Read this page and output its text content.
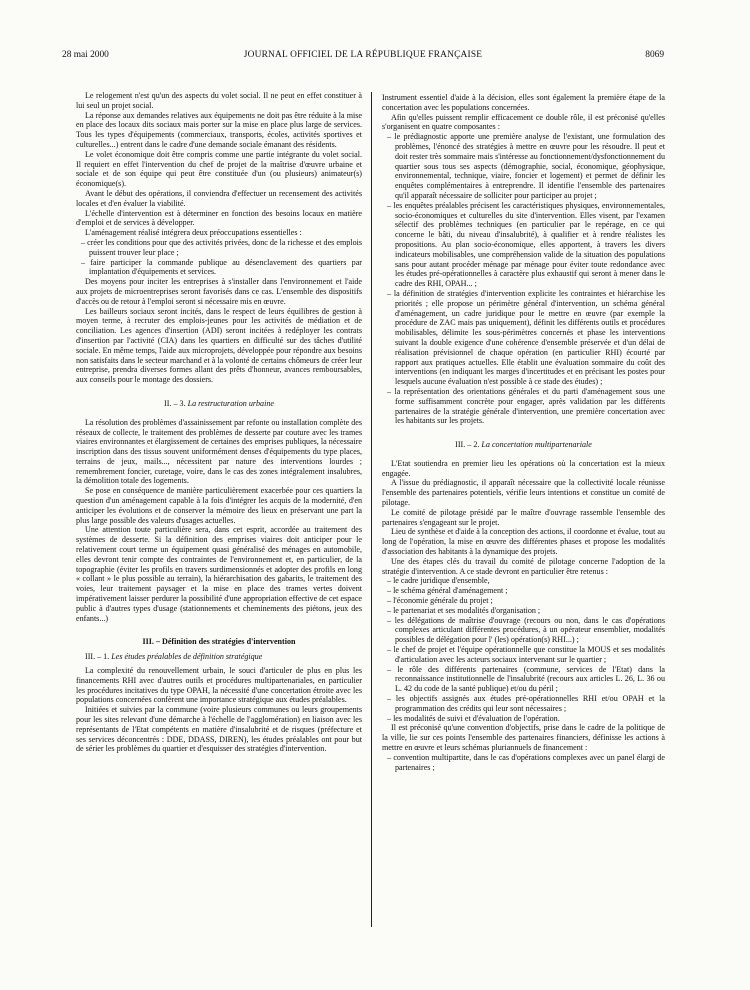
28 mai 2000	JOURNAL OFFICIEL DE LA RÉPUBLIQUE FRANÇAISE	8069

Le relogement n'est qu'un des aspects du volet social. Il ne peut en effet constituer à lui seul un projet social.

La réponse aux demandes relatives aux équipements ne doit pas être réduite à la mise en place des locaux dits sociaux mais porter sur la mise en place plus large de services. Tous les types d'équipements (commerciaux, transports, écoles, activités sportives et culturelles...) entrent dans le cadre d'une demande sociale émanant des résidents.

Le volet économique doit être compris comme une partie intégrante du volet social. Il requiert en effet l'intervention du chef de projet de la maîtrise d'œuvre urbaine et sociale et de son équipe qui peut être constituée d'un (ou plusieurs) animateur(s) économique(s).

Avant le début des opérations, il conviendra d'effectuer un recensement des activités locales et d'en évaluer la viabilité.

L'échelle d'intervention est à déterminer en fonction des besoins locaux en matière d'emploi et de services à développer.

L'aménagement réalisé intégrera deux préoccupations essentielles :

– créer les conditions pour que des activités privées, donc de la richesse et des emplois puissent trouver leur place ;
– faire participer la commande publique au désenclavement des quartiers par implantation d'équipements et services.

Des moyens pour inciter les entreprises à s'installer dans l'environnement et l'aide aux projets de microentreprises seront favorisés dans ce cas. L'ensemble des dispositifs d'accès ou de retour à l'emploi seront si nécessaire mis en œuvre.

Les bailleurs sociaux seront incités, dans le respect de leurs équilibres de gestion à moyen terme, à recruter des emplois-jeunes pour les activités de médiation et de conciliation. Les agences d'insertion (ADI) seront incitées à redéployer les contrats d'insertion par l'activité (CIA) dans les quartiers en difficulté sur des tâches d'utilité sociale. En même temps, l'aide aux microprojets, développée pour répondre aux besoins non satisfaits dans le secteur marchand et à la volonté de certains chômeurs de créer leur entreprise, prendra diverses formes allant des prêts d'honneur, avances remboursables, aux conseils pour le montage des dossiers.

II. – 3. La restructuration urbaine

La résolution des problèmes d'assainissement par refonte ou installation complète des réseaux de collecte, le traitement des problèmes de desserte par couture avec les trames viaires environnantes et élargissement de certaines des emprises publiques, la nécessaire inscription dans des tissus souvent uniformément denses d'équipements du type places, terrains de jeux, mails..., nécessitent par nature des interventions lourdes ; remembrement foncier, curetage, voire, dans le cas des zones intégralement insalubres, la démolition totale des logements.

Se pose en conséquence de manière particulièrement exacerbée pour ces quartiers la question d'un aménagement capable à la fois d'intégrer les acquis de la modernité, d'en anticiper les évolutions et de conserver la mémoire des lieux en préservant une part la plus large possible des valeurs d'usages actuelles.

Une attention toute particulière sera, dans cet esprit, accordée au traitement des systèmes de desserte. Si la définition des emprises viaires doit anticiper pour le relativement court terme un équipement quasi généralisé des ménages en automobile, elles devront tenir compte des contraintes de l'environnement et, en particulier, de la topographie (éviter les profils en travers surdimensionnés et adopter des profils en long « collant » le plus possible au terrain), la hiérarchisation des gabarits, le traitement des voies, leur traitement paysager et la mise en place des trames vertes doivent impérativement laisser perdurer la possibilité d'une appropriation effective de cet espace public à d'autres types d'usage (stationnements et cheminements des piétons, jeux des enfants...)

III. – Définition des stratégies d'intervention

III. – 1. Les études préalables de définition stratégique

La complexité du renouvellement urbain, le souci d'articuler de plus en plus les financements RHI avec d'autres outils et procédures multipartenariales, en particulier les procédures incitatives du type OPAH, la nécessité d'une concertation étroite avec les populations concernées confèrent une importance stratégique aux études préalables.

Initiées et suivies par la commune (voire plusieurs communes ou leurs groupements pour les sites relevant d'une démarche à l'échelle de l'agglomération) en liaison avec les représentants de l'Etat compétents en matière d'insalubrité et de risques (préfecture et ses services déconcentrés : DDE, DDASS, DIREN), les études préalables ont pour but de sérier les problèmes du quartier et d'esquisser des stratégies d'intervention.

Instrument essentiel d'aide à la décision, elles sont également la première étape de la concertation avec les populations concernées.

Afin qu'elles puissent remplir efficacement ce double rôle, il est préconisé qu'elles s'organisent en quatre composantes :

– le prédiagnostic apporte une première analyse de l'existant, une formulation des problèmes, l'énoncé des stratégies à mettre en œuvre pour les résoudre. Il peut et doit rester très sommaire mais s'intéresse au fonctionnement/dysfonctionnement du quartier sous tous ses aspects (démographie, social, économique, géophysique, environnemental, technique, viaire, foncier et logement) et permet de définir les enquêtes complémentaires à entreprendre. Il identifie l'ensemble des partenaires qu'il apparaît nécessaire de solliciter pour participer au projet ;
– les enquêtes préalables précisent les caractéristiques physiques, environnementales, socio-économiques et culturelles du site d'intervention. Elles visent, par l'examen sélectif des problèmes techniques (en particulier par le repérage, en ce qui concerne le bâti, du niveau d'insalubrité), à qualifier et à rendre réalistes les propositions. Au plan socio-économique, elles apportent, à travers les divers indicateurs mobilisables, une compréhension valide de la situation des populations sans pour autant procéder ménage par ménage pour éviter toute redondance avec les études pré-opérationnelles à caractère plus exhaustif qui seront à mener dans le cadre des RHI, OPAH... ;
– la définition de stratégies d'intervention explicite les contraintes et hiérarchise les priorités ; elle propose un périmètre général d'intervention, un schéma général d'aménagement, un cadre juridique pour le mettre en œuvre (par exemple la procédure de ZAC mais pas uniquement), définit les différents outils et procédures mobilisables, délimite les sous-périmètres concernés et phase les interventions suivant la double exigence d'une cohérence d'ensemble préservée et d'un délai de réalisation prévisionnel de chaque opération (en particulier RHI) écourté par rapport aux pratiques actuelles. Elle établit une évaluation sommaire du coût des interventions (en indiquant les marges d'incertitudes et en précisant les postes pour lesquels aucune évaluation n'est possible à ce stade des études) ;
– la représentation des orientations générales et du parti d'aménagement sous une forme suffisamment concrète pour engager, après validation par les différents partenaires de la stratégie générale d'intervention, une première concertation avec les habitants sur les projets.

III. – 2. La concertation multipartenariale

L'Etat soutiendra en premier lieu les opérations où la concertation est la mieux engagée.

A l'issue du prédiagnostic, il apparaît nécessaire que la collectivité locale réunisse l'ensemble des partenaires potentiels, vérifie leurs intentions et constitue un comité de pilotage.

Le comité de pilotage présidé par le maître d'ouvrage rassemble l'ensemble des partenaires s'engageant sur le projet.

Lieu de synthèse et d'aide à la conception des actions, il coordonne et évalue, tout au long de l'opération, la mise en œuvre des différentes phases et propose les modalités d'association des habitants à la dynamique des projets.

Une des étapes clés du travail du comité de pilotage concerne l'adoption de la stratégie d'intervention. A ce stade devront en particulier être retenus :

– le cadre juridique d'ensemble,
– le schéma général d'aménagement ;
– l'économie générale du projet ;
– le partenariat et ses modalités d'organisation ;
– les délégations de maîtrise d'ouvrage (recours ou non, dans le cas d'opérations complexes articulant différentes procédures, à un opérateur ensemblier, modalités possibles de délégation pour l' (les) opération(s) RHI...) ;
– le chef de projet et l'équipe opérationnelle que constitue la MOUS et ses modalités d'articulation avec les acteurs sociaux intervenant sur le quartier ;
– le rôle des différents partenaires (commune, services de l'Etat) dans la reconnaissance institutionnelle de l'insalubrité (recours aux articles L. 26, L. 36 ou L. 42 du code de la santé publique) et/ou du péril ;
– les objectifs assignés aux études pré-opérationnelles RHI et/ou OPAH et la programmation des crédits qui leur sont nécessaires ;
– les modalités de suivi et d'évaluation de l'opération.

Il est préconisé qu'une convention d'objectifs, prise dans le cadre de la politique de la ville, lie sur ces points l'ensemble des partenaires financiers, définisse les actions à mettre en œuvre et leurs schémas pluriannuels de financement :

– convention multipartite, dans le cas d'opérations complexes avec un panel élargi de partenaires ;
